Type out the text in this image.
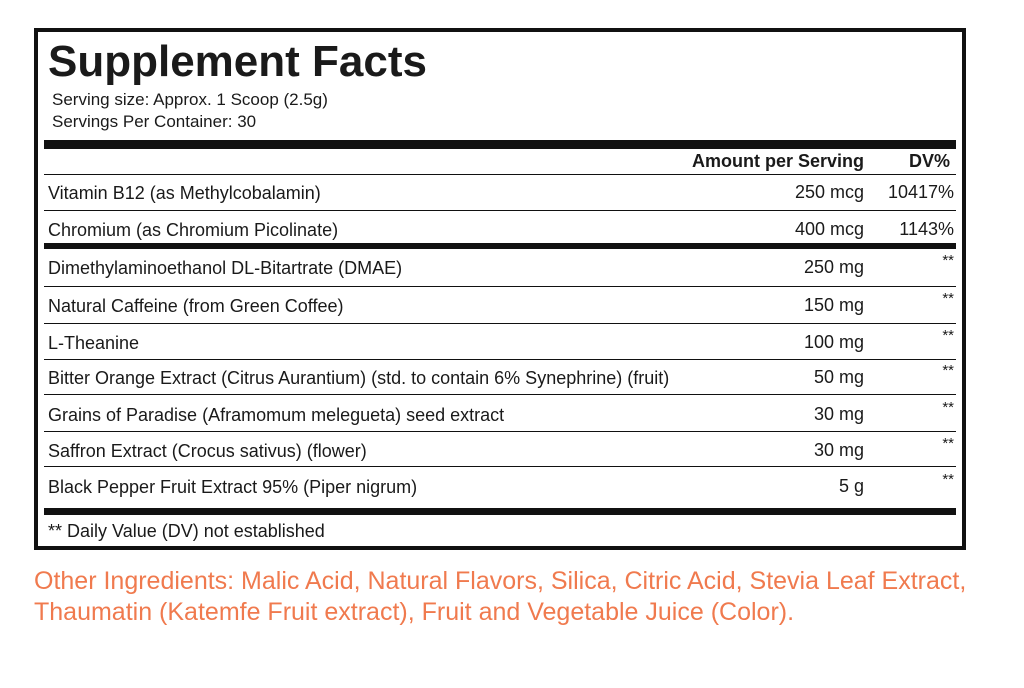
Supplement Facts
Serving size: Approx. 1 Scoop (2.5g)
Servings Per Container: 30
Amount per Serving DV%
Vitamin B12 (as Methylcobalamin)	250 mcg 10417%
Chromium (as Chromium Picolinate)	400 mcg 1143%
Dimethylaminoethanol DL-Bitartrate (DMAE)	250 mg	**
Natural Caffeine (from Green Coffee)	150 mg	**
L-Theanine	100 mg	**
Bitter Orange Extract (Citrus Aurantium) (std. to contain 6% Synephrine) (fruit)	50 mg	**
Grains of Paradise (Aframomum melegueta) seed extract	30 mg	**
Saffron Extract (Crocus sativus) (flower)	30 mg	**
Black Pepper Fruit Extract 95% (Piper nigrum)	5 g	**
** Daily Value (DV) not established
Other Ingredients: Malic Acid, Natural Flavors, Silica, Citric Acid, Stevia Leaf Extract, Thaumatin (Katemfe Fruit extract), Fruit and Vegetable Juice (Color).
